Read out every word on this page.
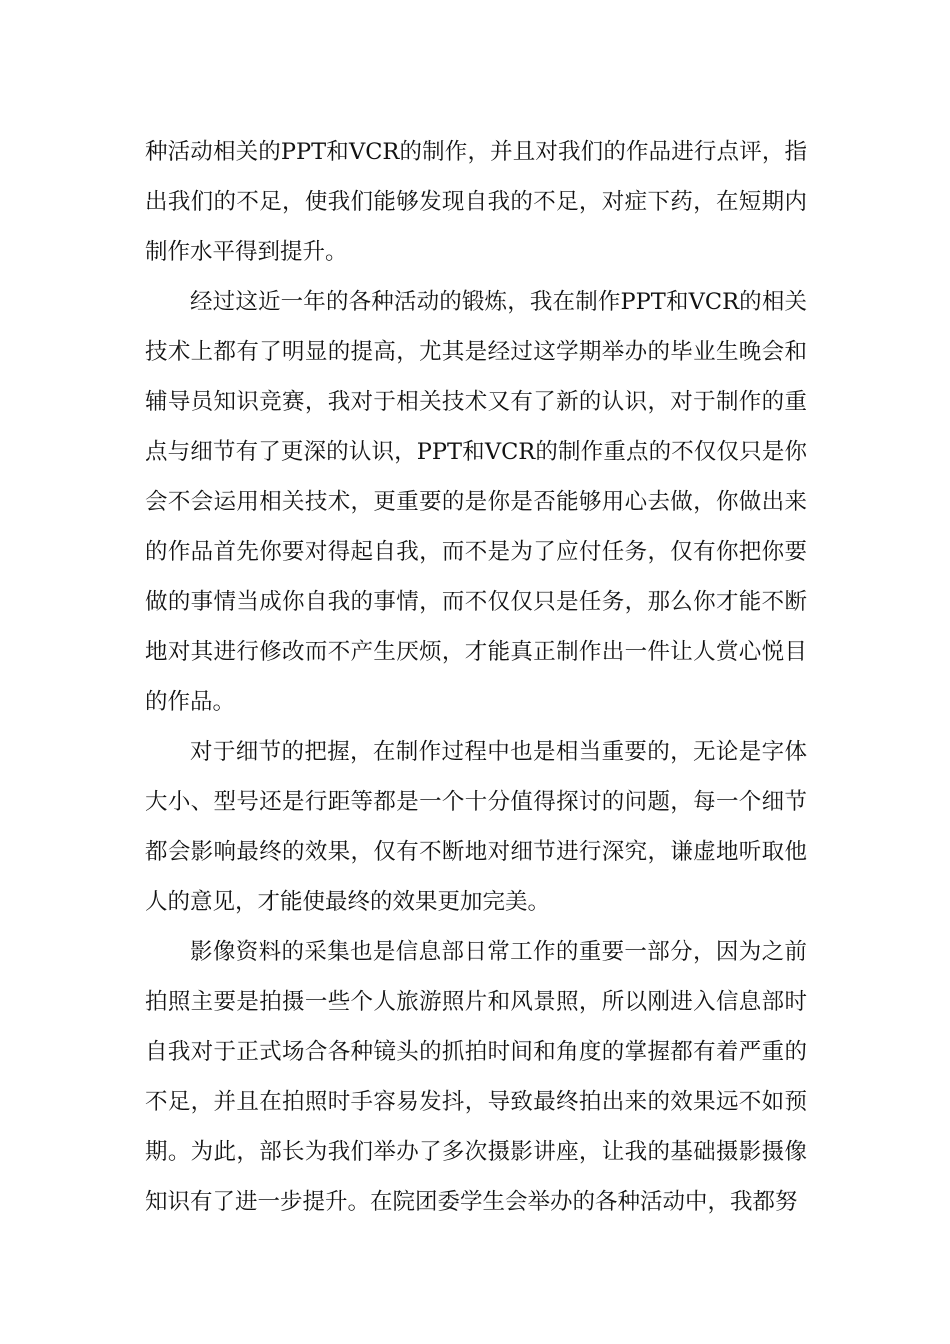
种活动相关的PPT和VCR的制作，并且对我们的作品进行点评，指出我们的不足，使我们能够发现自我的不足，对症下药，在短期内制作水平得到提升。

经过这近一年的各种活动的锻炼，我在制作PPT和VCR的相关技术上都有了明显的提高，尤其是经过这学期举办的毕业生晚会和辅导员知识竞赛，我对于相关技术又有了新的认识，对于制作的重点与细节有了更深的认识，PPT和VCR的制作重点的不仅仅只是你会不会运用相关技术，更重要的是你是否能够用心去做，你做出来的作品首先你要对得起自我，而不是为了应付任务，仅有你把你要做的事情当成你自我的事情，而不仅仅只是任务，那么你才能不断地对其进行修改而不产生厌烦，才能真正制作出一件让人赏心悦目的作品。

对于细节的把握，在制作过程中也是相当重要的，无论是字体大小、型号还是行距等都是一个十分值得探讨的问题，每一个细节都会影响最终的效果，仅有不断地对细节进行深究，谦虚地听取他人的意见，才能使最终的效果更加完美。

影像资料的采集也是信息部日常工作的重要一部分，因为之前拍照主要是拍摄一些个人旅游照片和风景照，所以刚进入信息部时自我对于正式场合各种镜头的抓拍时间和角度的掌握都有着严重的不足，并且在拍照时手容易发抖，导致最终拍出来的效果远不如预期。为此，部长为我们举办了多次摄影讲座，让我的基础摄影摄像知识有了进一步提升。在院团委学生会举办的各种活动中，我都努
